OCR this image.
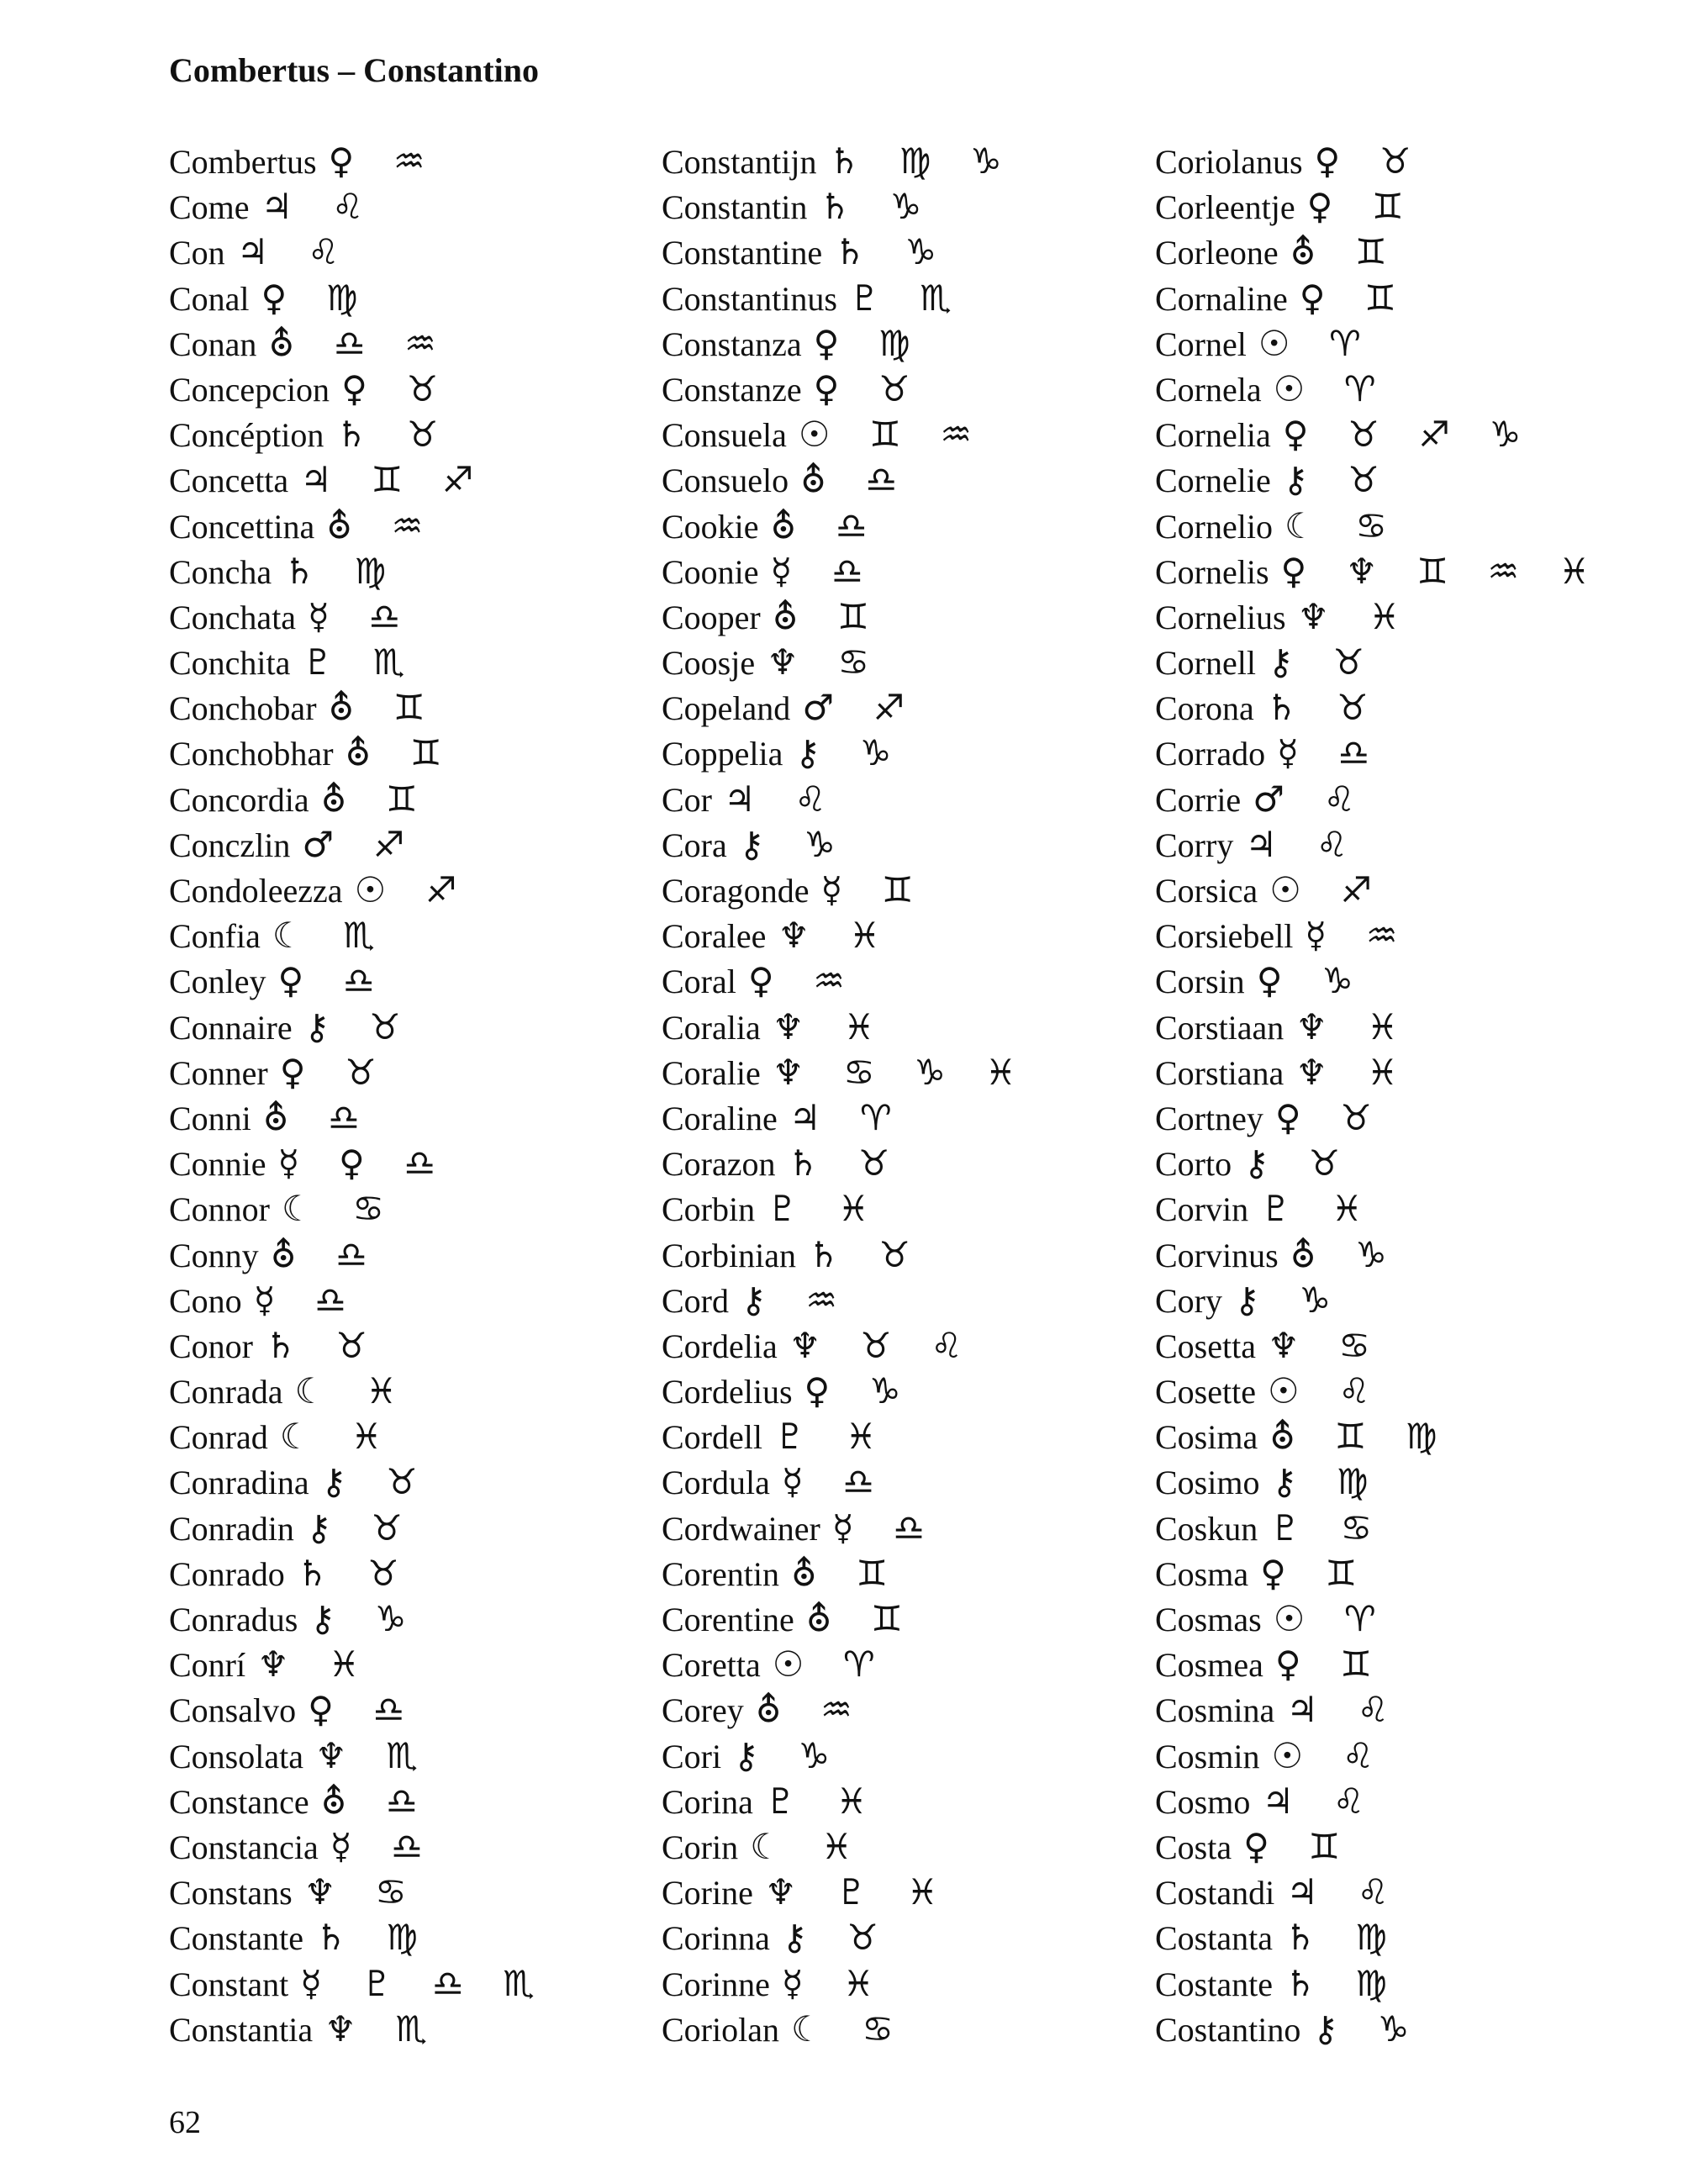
Combertus – Constantino
Combertus ♀ ♒
Come ♃ ♌
Con ♃ ♌
Conal ♀ ♍
Conan ⛢ ♎ ♒
Concepcion ♀ ♉
Concéption ♄ ♉
Concetta ♃ ♊ ♐
Concettina ⛢ ♒
Concha ♄ ♍
Conchata ☿ ♎
Conchita ♇ ♏
Conchobar ⛢ ♊
Conchobhar ⛢ ♊
Concordia ⛢ ♊
Conczlin ♂ ♐
Condoleezza ☉ ♐
Confia ☾ ♏
Conley ♀ ♎
Connaire ⚷ ♉
Conner ♀ ♉
Conni ⛢ ♎
Connie ☿ ♀ ♎
Connor ☾ ♋
Conny ⛢ ♎
Cono ☿ ♎
Conor ♄ ♉
Conrada ☾ ♓
Conrad ☾ ♓
Conradina ⚷ ♉
Conradin ⚷ ♉
Conrado ♄ ♉
Conradus ⚷ ♑
Conrí ♆ ♓
Consalvo ♀ ♎
Consolata ♆ ♏
Constance ⛢ ♎
Constancia ☿ ♎
Constans ♆ ♋
Constante ♄ ♍
Constant ☿ ♇ ♎ ♏
Constantia ♆ ♏
Constantijn ♄ ♍ ♑
Constantin ♄ ♑
Constantine ♄ ♑
Constantinus ♇ ♏
Constanza ♀ ♍
Constanze ♀ ♉
Consuela ☉ ♊ ♒
Consuelo ⛢ ♎
Cookie ⛢ ♎
Coonie ☿ ♎
Cooper ⛢ ♊
Coosje ♆ ♋
Copeland ♂ ♐
Coppelia ⚷ ♑
Cor ♃ ♌
Cora ⚷ ♑
Coragonde ☿ ♊
Coralee ♆ ♓
Coral ♀ ♒
Coralia ♆ ♓
Coralie ♆ ♋ ♑ ♓
Coraline ♃ ♈
Corazon ♄ ♉
Corbin ♇ ♓
Corbinian ♄ ♉
Cord ⚷ ♒
Cordelia ♆ ♉ ♌
Cordelius ♀ ♑
Cordell ♇ ♓
Cordula ☿ ♎
Cordwainer ☿ ♎
Corentin ⛢ ♊
Corentine ⛢ ♊
Coretta ☉ ♈
Corey ⛢ ♒
Cori ⚷ ♑
Corina ♇ ♓
Corin ☾ ♓
Corine ♆ ♇ ♓
Corinna ⚷ ♉
Corinne ☿ ♓
Coriolan ☾ ♋
Coriolanus ♀ ♉
Corleentje ♀ ♊
Corleone ⛢ ♊
Cornaline ♀ ♊
Cornel ☉ ♈
Cornela ☉ ♈
Cornelia ♀ ♉ ♐ ♑
Cornelie ⚷ ♉
Cornelio ☾ ♋
Cornelis ♀ ♆ ♊ ♒ ♓
Cornelius ♆ ♓
Cornell ⚷ ♉
Corona ♄ ♉
Corrado ☿ ♎
Corrie ♂ ♌
Corry ♃ ♌
Corsica ☉ ♐
Corsiebell ☿ ♒
Corsin ♀ ♑
Corstiaan ♆ ♓
Corstiana ♆ ♓
Cortney ♀ ♉
Corto ⚷ ♉
Corvin ♇ ♓
Corvinus ⛢ ♑
Cory ⚷ ♑
Cosetta ♆ ♋
Cosette ☉ ♌
Cosima ⛢ ♊ ♍
Cosimo ⚷ ♍
Coskun ♇ ♋
Cosma ♀ ♊
Cosmas ☉ ♈
Cosmea ♀ ♊
Cosmina ♃ ♌
Cosmin ☉ ♌
Cosmo ♃ ♌
Costa ♀ ♊
Costandi ♃ ♌
Costanta ♄ ♍
Costante ♄ ♍
Costantino ⚷ ♑
62
